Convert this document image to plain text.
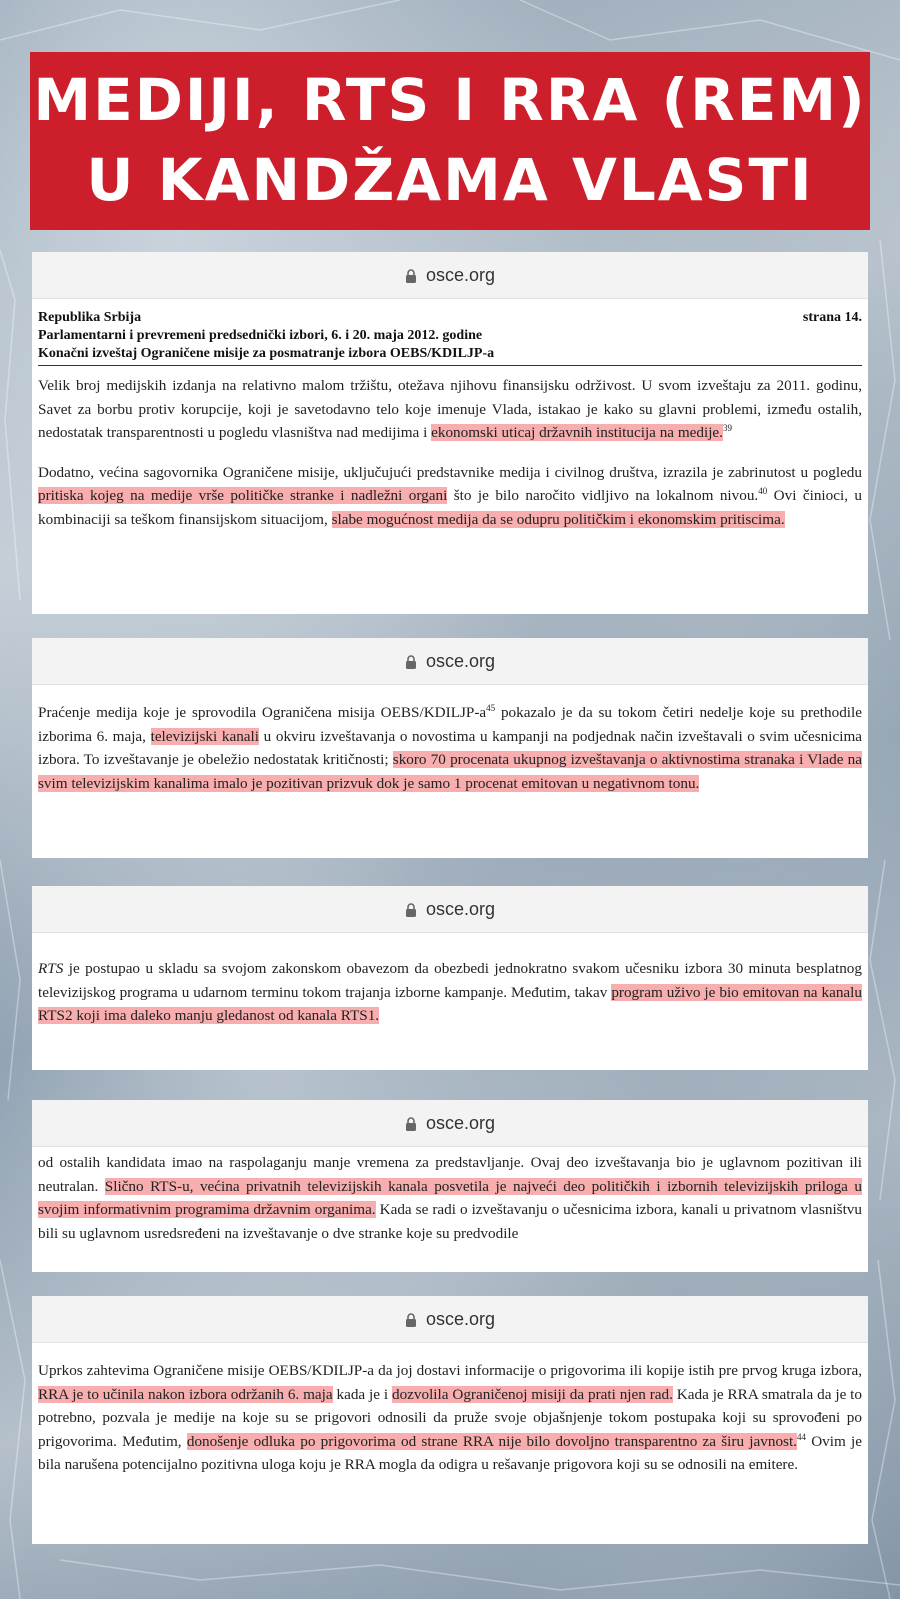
MEDIJI, RTS I RRA (REM)
U KANDŽAMA VLASTI
osce.org
Republika Srbija	strana 14.
Parlamentarni i prevremeni predsednički izbori, 6. i 20. maja 2012. godine
Konačni izveštaj Ograničene misije za posmatranje izbora OEBS/KDILJP-a

Velik broj medijskih izdanja na relativno malom tržištu, otežava njihovu finansijsku održivost. U svom izveštaju za 2011. godinu, Savet za borbu protiv korupcije, koji je savetodavno telo koje imenuje Vlada, istakao je kako su glavni problemi, između ostalih, nedostatak transparentnosti u pogledu vlasništva nad medijima i ekonomski uticaj državnih institucija na medije.$^{39}$

Dodatno, većina sagovornika Ograničene misije, uključujući predstavnike medija i civilnog društva, izrazila je zabrinutost u pogledu pritiska kojeg na medije vrše političke stranke i nadležni organi što je bilo naročito vidljivo na lokalnom nivou.$^{40}$ Ovi činioci, u kombinaciji sa teškom finansijskom situacijom, slabe mogućnost medija da se odupru političkim i ekonomskim pritiscima.

osce.org

Praćenje medija koje je sprovodila Ograničena misija OEBS/$KDILJP-a^{45}$ pokazalo je da su tokom četiri nedelje koje su prethodile izborima 6. maja, televizijski kanali u okviru izveštavanja o novostima u kampanji na podjednak način izveštavali o svim učesnicima izbora. To izveštavanje je obeležio nedostatak kritičnosti; skoro 70 procenata ukupnog izveštavanja o aktivnostima stranaka i Vlade na svim televizijskim kanalima imalo je pozitivan prizvuk dok je samo 1 procenat emitovan u negativnom tonu.

osce.org

RTS je postupao u skladu sa svojom zakonskom obavezom da obezbedi jednokratno svakom učesniku izbora 30 minuta besplatnog televizijskog programa u udarnom terminu tokom trajanja izborne kampanje. Međutim, takav program uživo je bio emitovan na kanalu RTS2 koji ima daleko manju gledanost od kanala RTS1.

osce.org

od ostalih kandidata imao na raspolaganju manje vremena za predstavljanje. Ovaj deo izveštavanja bio je uglavnom pozitivan ili neutralan. Slično RTS-u, većina privatnih televizijskih kanala posvetila je najveći deo političkih i izbornih televizijskih priloga u svojim informativnim programima državnim organima. Kada se radi o izveštavanju o učesnicima izbora, kanali u privatnom vlasništvu bili su uglavnom usredsređeni na izveštavanje o dve stranke koje su predvodile

osce.org

Uprkos zahtevima Ograničene misije OEBS/KDILJP-a da joj dostavi informacije o prigovorima ili kopije istih pre prvog kruga izbora, RRA je to učinila nakon izbora održanih 6. maja kada je i dozvolila Ograničenoj misiji da prati njen rad. Kada je RRA smatrala da je to potrebno, pozvala je medije na koje su se prigovori odnosili da pruže svoje objašnjenje tokom postupaka koji su sprovođeni po prigovorima. Međutim, donošenje odluka po prigovorima od strane RRA nije bilo dovoljno transparentno za širu javnost.$^{44}$ Ovim je bila narušena potencijalno pozitivna uloga koju je RRA mogla da odigra u rešavanje prigovora koji su se odnosili na emitere.
